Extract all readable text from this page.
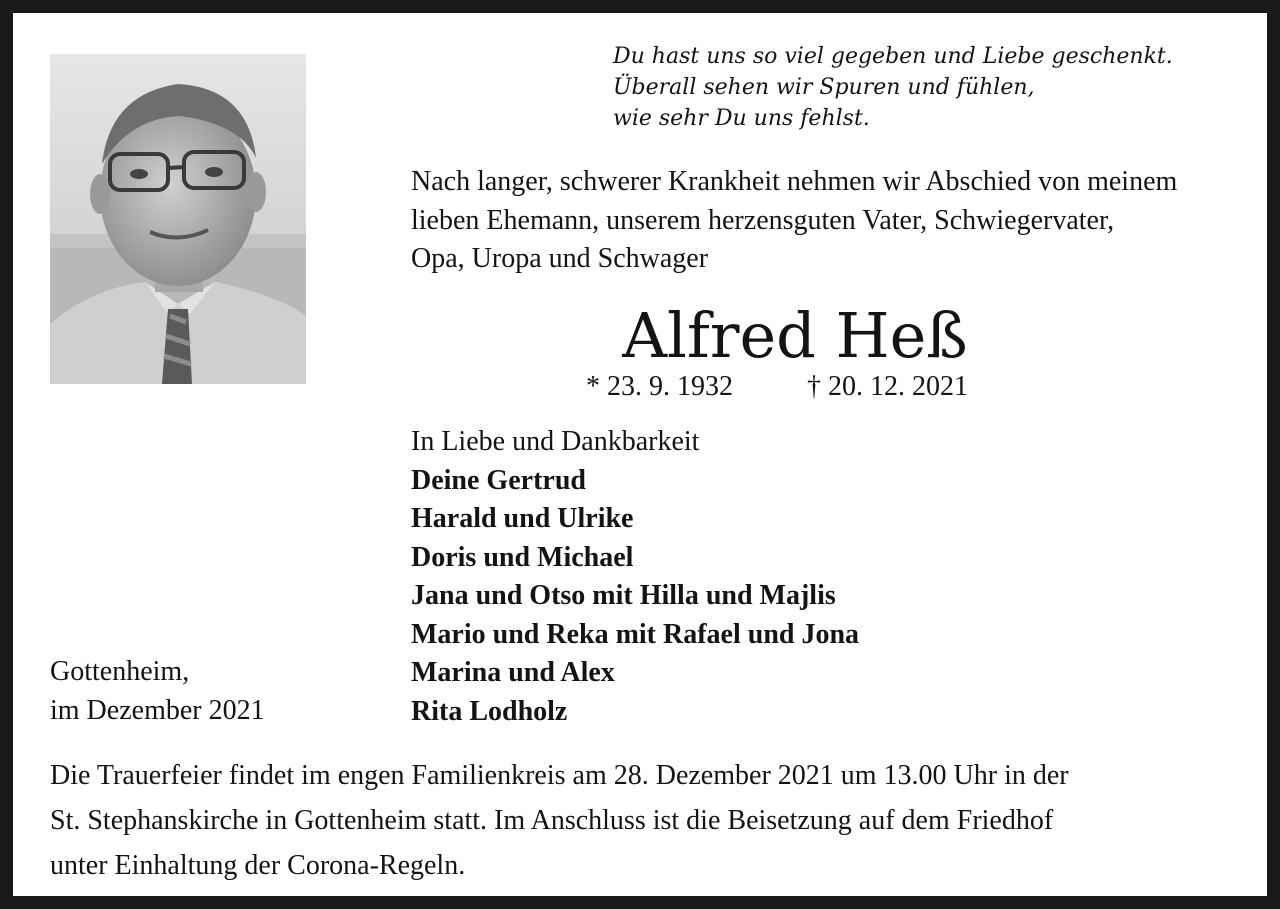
Du hast uns so viel gegeben und Liebe geschenkt.
Überall sehen wir Spuren und fühlen,
wie sehr Du uns fehlst.
Nach langer, schwerer Krankheit nehmen wir Abschied von meinem
lieben Ehemann, unserem herzensguten Vater, Schwiegervater,
Opa, Uropa und Schwager
Alfred Heß
* 23. 9. 1932	† 20. 12. 2021
In Liebe und Dankbarkeit
Deine Gertrud
Harald und Ulrike
Doris und Michael
Jana und Otso mit Hilla und Majlis
Mario und Reka mit Rafael und Jona
Marina und Alex
Rita Lodholz
Gottenheim,
im Dezember 2021
Die Trauerfeier findet im engen Familienkreis am 28. Dezember 2021 um 13.00 Uhr in der
St. Stephanskirche in Gottenheim statt. Im Anschluss ist die Beisetzung auf dem Friedhof
unter Einhaltung der Corona-Regeln.
